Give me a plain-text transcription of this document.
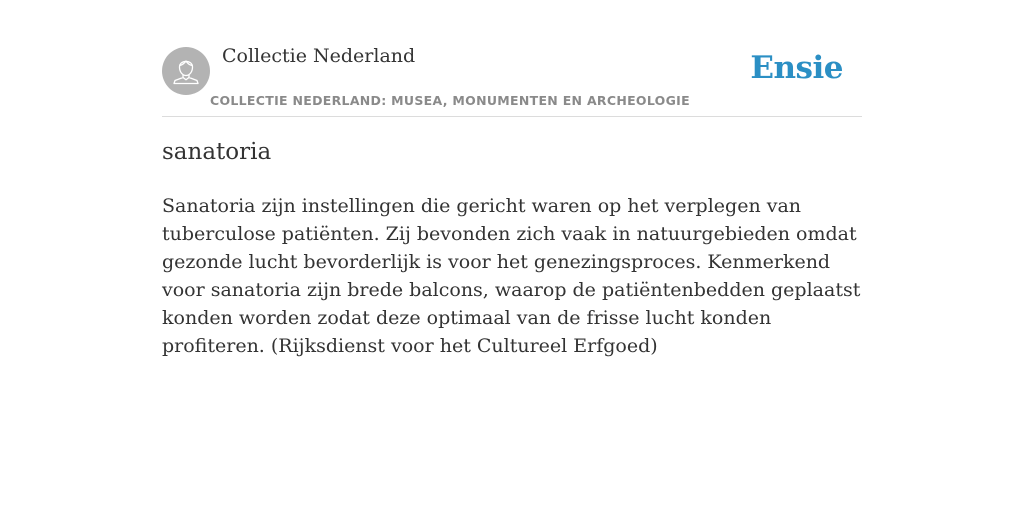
Collectie Nederland
COLLECTIE NEDERLAND: MUSEA, MONUMENTEN EN ARCHEOLOGIE
Ensie
sanatoria

Sanatoria zijn instellingen die gericht waren op het verplegen van tuberculose patiënten. Zij bevonden zich vaak in natuurgebieden omdat gezonde lucht bevorderlijk is voor het genezingsproces. Kenmerkend voor sanatoria zijn brede balcons, waarop de patiëntenbedden geplaatst konden worden zodat deze optimaal van de frisse lucht konden profiteren. (Rijksdienst voor het Cultureel Erfgoed)
